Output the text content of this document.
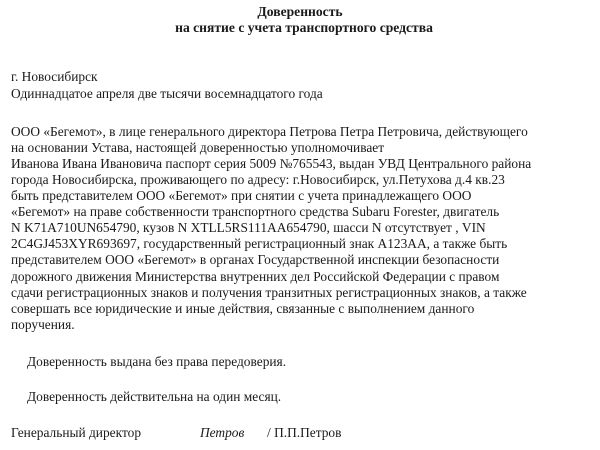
Доверенность
на снятие с учета транспортного средства
г. Новосибирск
Одиннадцатое апреля две тысячи восемнадцатого года
ООО «Бегемот», в лице генерального директора Петрова Петра Петровича, действующего
на основании Устава, настоящей доверенностью уполномочивает
Иванова Ивана Ивановича паспорт серия 5009 №765543, выдан УВД Центрального района
города Новосибирска, проживающего по адресу: г.Новосибирск, ул.Петухова д.4 кв.23
быть представителем ООО «Бегемот» при снятии с учета принадлежащего ООО
«Бегемот» на праве собственности транспортного средства Subaru Forester, двигатель
N K71A710UN654790, кузов N XTLL5RS111AA654790, шасси N отсутствует , VIN
2C4GJ453XYR693697, государственный регистрационный знак А123АА, а также быть
представителем ООО «Бегемот» в органах Государственной инспекции безопасности
дорожного движения Министерства внутренних дел Российской Федерации с правом
сдачи регистрационных знаков и получения транзитных регистрационных знаков, а также
совершать все юридические и иные действия, связанные с выполнением данного
поручения.
Доверенность выдана без права передоверия.
Доверенность действительна на один месяц.
Генеральный директор	Петров / П.П.Петров
